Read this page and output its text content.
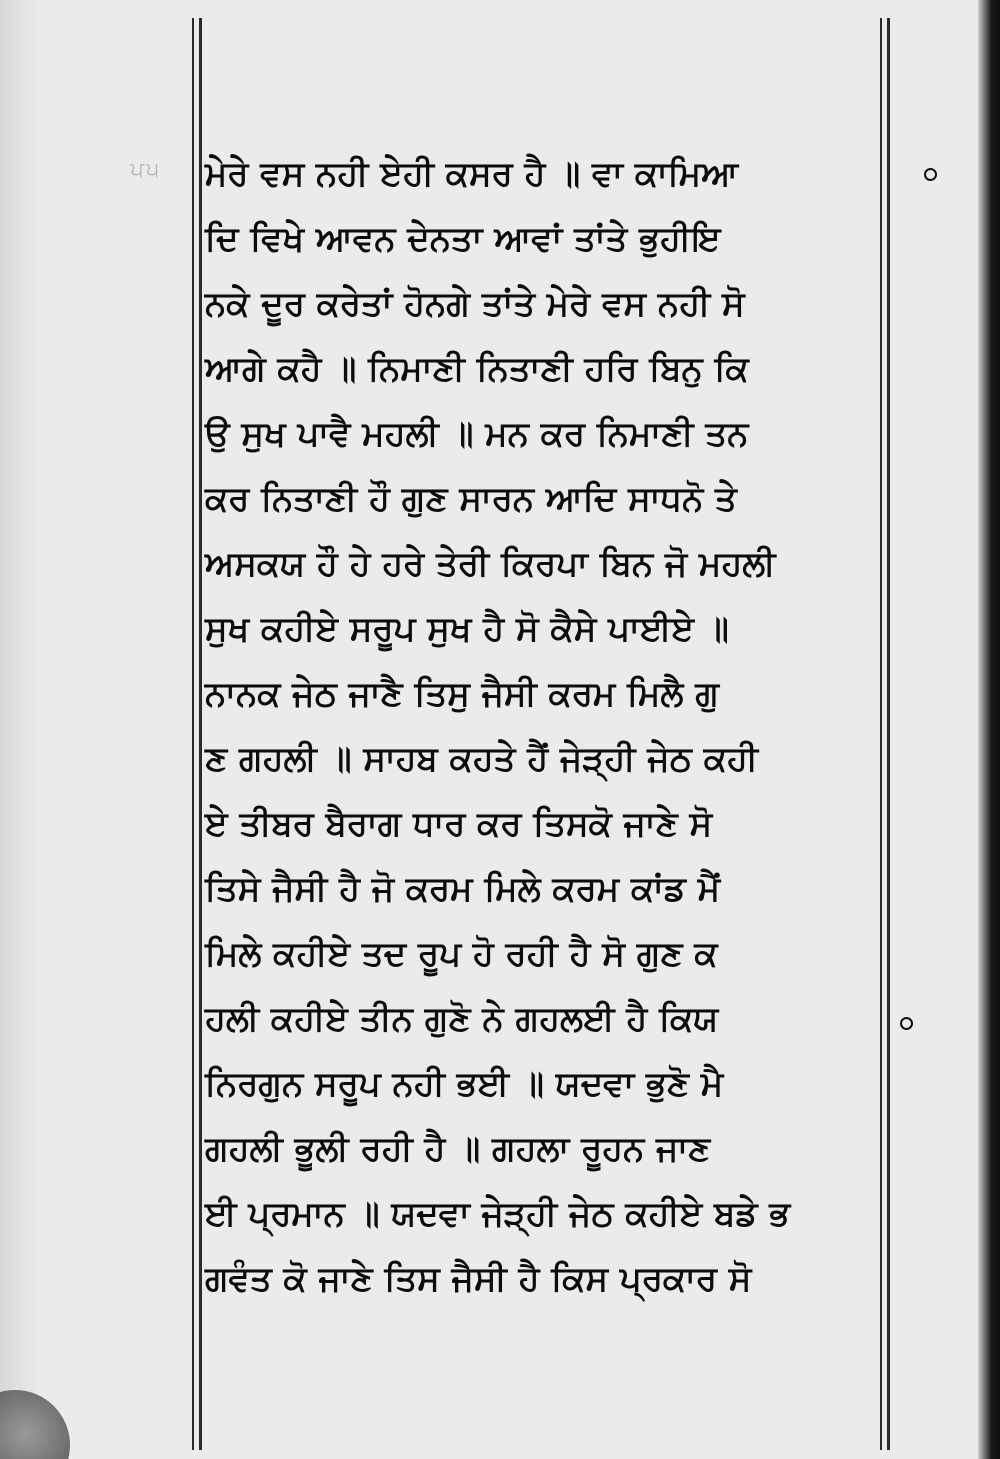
ਪ੫ ਮੇਰੇ ਵਸ ਨਹੀ ਏਹੀ ਕਸਰ ਹੈ ॥ ਵਾ ਕਾਮਿਆ
ਦਿ ਵਿਖੇ ਆਵਨ ਦੇਨਤਾ ਆਵਾਂ ਤਾਂਤੇ ਭੁਹੀਇ
ਨਕੇ ਦੂਰ ਕਰੇਤਾਂ ਹੋਨਗੇ ਤਾਂਤੇ ਮੇਰੇ ਵਸ ਨਹੀ ਸੋ
ਆਗੇ ਕਹੈ ॥ ਨਿਮਾਣੀ ਨਿਤਾਣੀ ਹਰਿ ਬਿਨੁ ਕਿ
ਉ ਸੁਖ ਪਾਵੈ ਮਹਲੀ ॥ ਮਨ ਕਰ ਨਿਮਾਣੀ ਤਨ
ਕਰ ਨਿਤਾਣੀ ਹੌ ਗੁਣ ਸਾਰਨ ਆਦਿ ਸਾਧਨੋ ਤੇ
ਅਸਕਯ ਹੌ ਹੇ ਹਰੇ ਤੇਰੀ ਕਿਰਪਾ ਬਿਨ ਜੋ ਮਹਲੀ
ਸੁਖ ਕਹੀਏ ਸਰੂਪ ਸੁਖ ਹੈ ਸੋ ਕੈਸੇ ਪਾਈਏ ॥
ਨਾਨਕ ਜੇਠ ਜਾਣੈ ਤਿਸੁ ਜੈਸੀ ਕਰਮ ਮਿਲੈ ਗੁ
ਣ ਗਹਲੀ ॥ ਸਾਹਬ ਕਹਤੇ ਹੈਂ ਜੇੜ੍ਹੀ ਜੇਠ ਕਹੀ
ਏ ਤੀਬਰ ਬੈਰਾਗ ਧਾਰ ਕਰ ਤਿਸਕੋ ਜਾਣੇ ਸੋ
ਤਿਸੇ ਜੈਸੀ ਹੈ ਜੋ ਕਰਮ ਮਿਲੇ ਕਰਮ ਕਾਂਡ ਮੈਂ
ਮਿਲੇ ਕਹੀਏ ਤਦ ਰੂਪ ਹੋ ਰਹੀ ਹੈ ਸੋ ਗੁਣ ਕ
ਹਲੀ ਕਹੀਏ ਤੀਨ ਗੁਣੋ ਨੇ ਗਹਲਈ ਹੈ ਕਿਯ
ਨਿਰਗੁਨ ਸਰੂਪ ਨਹੀ ਭਈ ॥ ਯਦਵਾ ਭੁਣੋ ਮੈ
ਗਹਲੀ ਭੂਲੀ ਰਹੀ ਹੈ ॥ ਗਹਲਾ ਰੂਹਨ ਜਾਣ
ਈ ਪ੍ਰਮਾਨ ॥ ਯਦਵਾ ਜੇੜ੍ਹੀ ਜੇਠ ਕਹੀਏ ਬਡੇ ਭ
ਗਵੰਤ ਕੋ ਜਾਣੇ ਤਿਸ ਜੈਸੀ ਹੈ ਕਿਸ ਪ੍ਰਕਾਰ ਸੋ
